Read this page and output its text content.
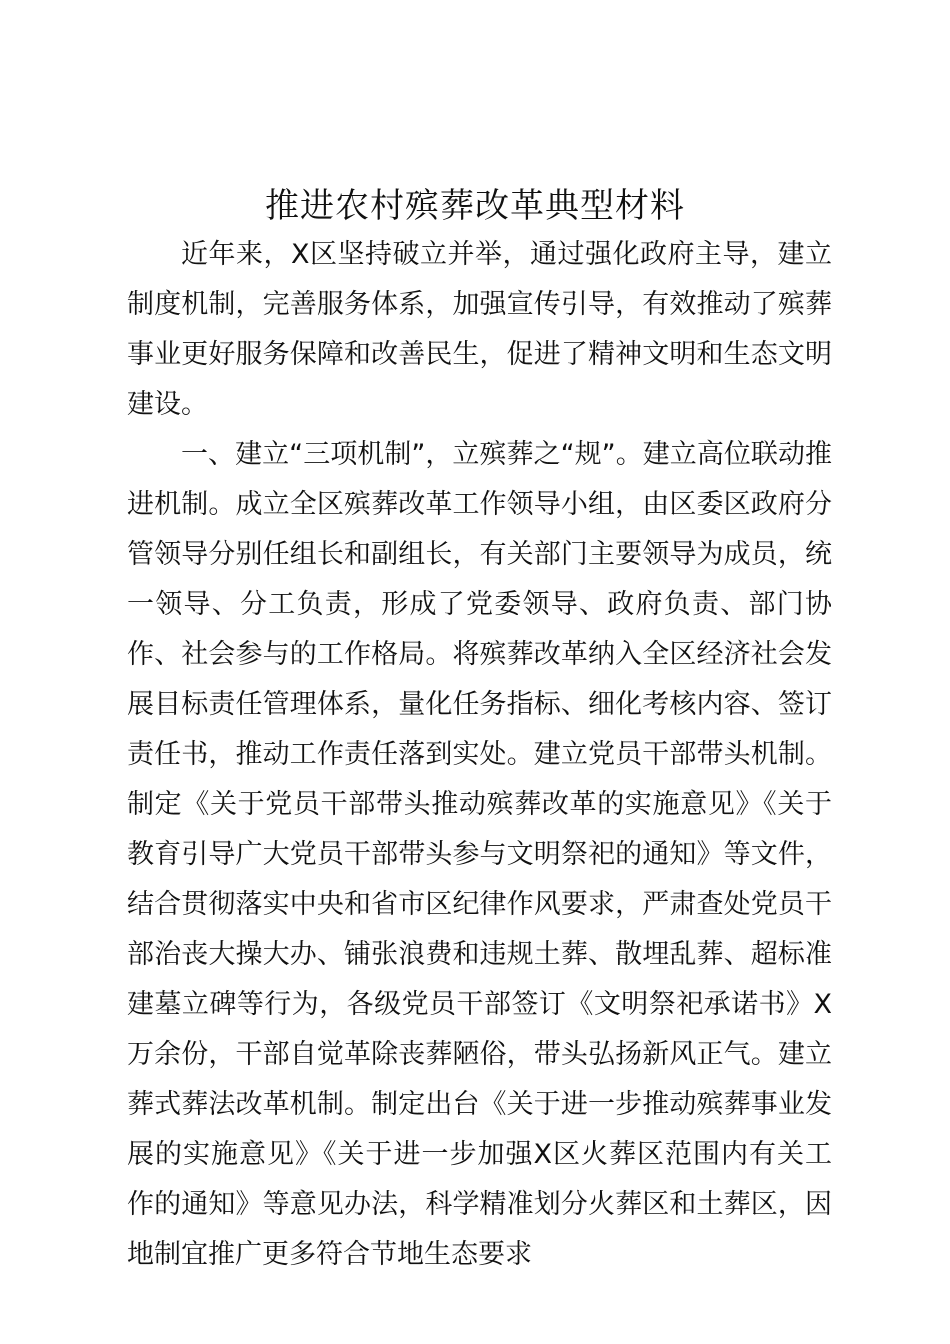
推进农村殡葬改革典型材料

近年来，X区坚持破立并举，通过强化政府主导，建立制度机制，完善服务体系，加强宣传引导，有效推动了殡葬事业更好服务保障和改善民生，促进了精神文明和生态文明建设。

一、建立“三项机制”，立殡葬之“规”。建立高位联动推进机制。成立全区殡葬改革工作领导小组，由区委区政府分管领导分别任组长和副组长，有关部门主要领导为成员，统一领导、分工负责，形成了党委领导、政府负责、部门协作、社会参与的工作格局。将殡葬改革纳入全区经济社会发展目标责任管理体系，量化任务指标、细化考核内容、签订责任书，推动工作责任落到实处。建立党员干部带头机制。制定《关于党员干部带头推动殡葬改革的实施意见》《关于教育引导广大党员干部带头参与文明祭祀的通知》等文件，结合贯彻落实中央和省市区纪律作风要求，严肃查处党员干部治丧大操大办、铺张浪费和违规土葬、散埋乱葬、超标准建墓立碑等行为，各级党员干部签订《文明祭祀承诺书》X万余份，干部自觉革除丧葬陋俗，带头弘扬新风正气。建立葬式葬法改革机制。制定出台《关于进一步推动殡葬事业发展的实施意见》《关于进一步加强X区火葬区范围内有关工作的通知》等意见办法，科学精准划分火葬区和土葬区，因地制宜推广更多符合节地生态要求
